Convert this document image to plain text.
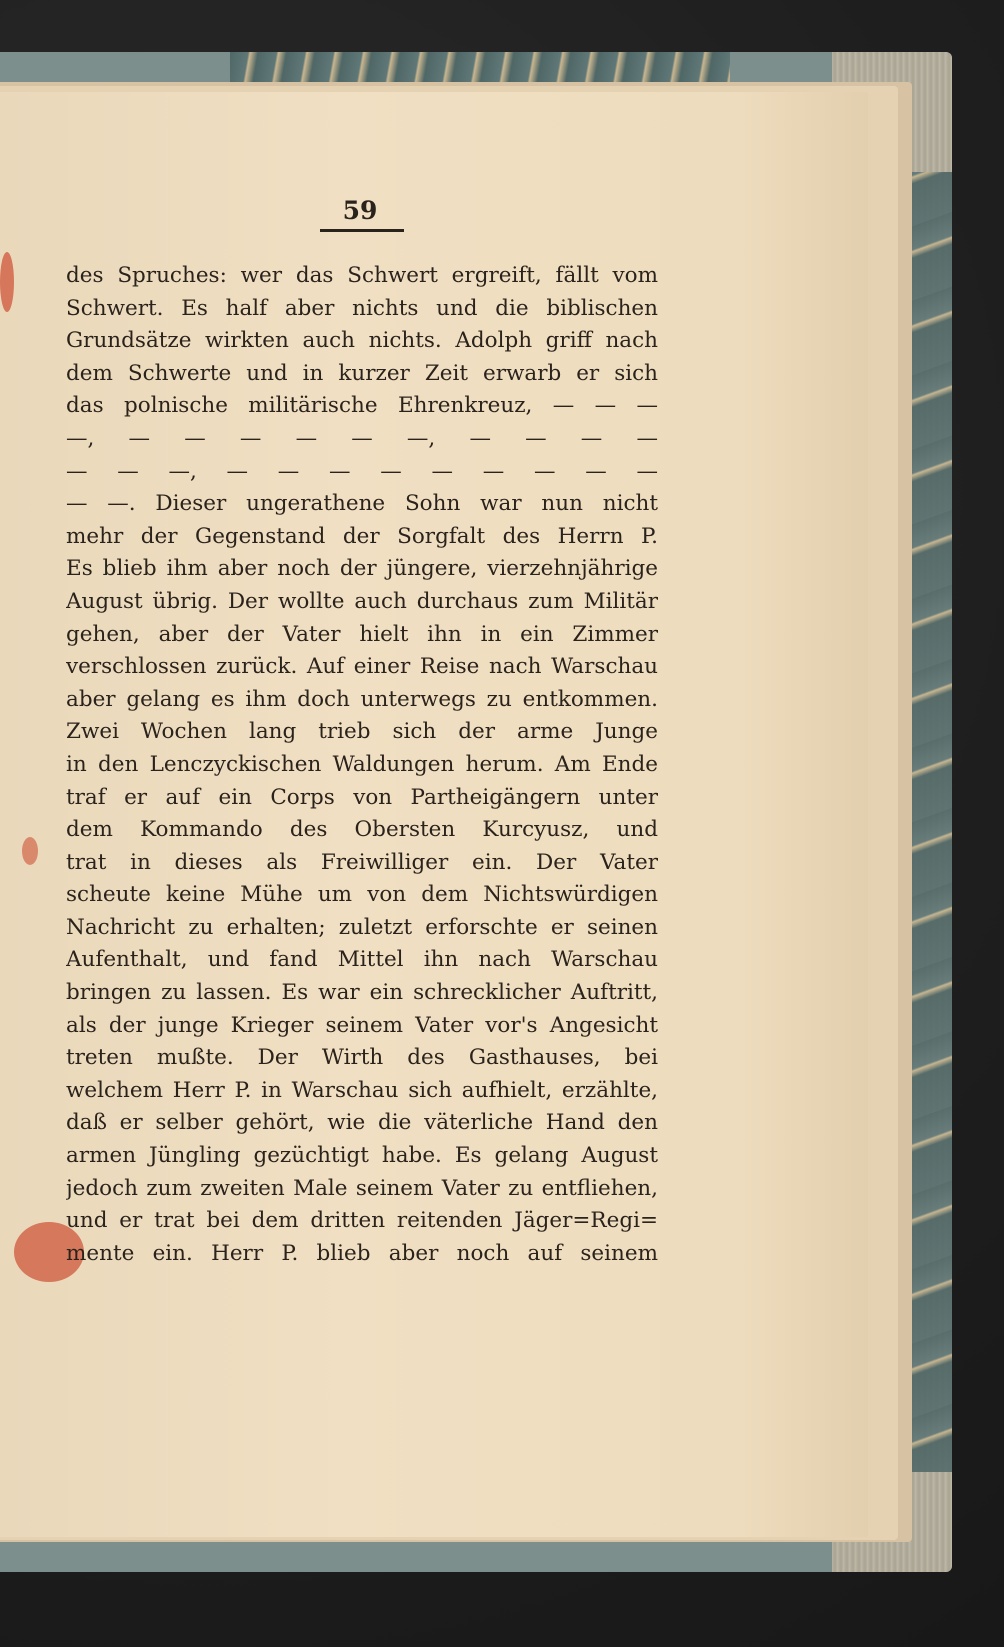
59
des Spruches: wer das Schwert ergreift, fällt vom
Schwert. Es half aber nichts und die biblischen
Grundsätze wirkten auch nichts. Adolph griff nach
dem Schwerte und in kurzer Zeit erwarb er sich
das polnische militärische Ehrenkreuz, — — —
—, — — — — — —, — — — —
— — —, — — — — — — — — —
— —. Dieser ungerathene Sohn war nun nicht
mehr der Gegenstand der Sorgfalt des Herrn P.
Es blieb ihm aber noch der jüngere, vierzehnjährige
August übrig. Der wollte auch durchaus zum Militär
gehen, aber der Vater hielt ihn in ein Zimmer
verschlossen zurück. Auf einer Reise nach Warschau
aber gelang es ihm doch unterwegs zu entkommen.
Zwei Wochen lang trieb sich der arme Junge
in den Lenczyckischen Waldungen herum. Am Ende
traf er auf ein Corps von Partheigängern unter
dem Kommando des Obersten Kurcyusz, und
trat in dieses als Freiwilliger ein. Der Vater
scheute keine Mühe um von dem Nichtswürdigen
Nachricht zu erhalten; zuletzt erforschte er seinen
Aufenthalt, und fand Mittel ihn nach Warschau
bringen zu lassen. Es war ein schrecklicher Auftritt,
als der junge Krieger seinem Vater vor's Angesicht
treten mußte. Der Wirth des Gasthauses, bei
welchem Herr P. in Warschau sich aufhielt, erzählte,
daß er selber gehört, wie die väterliche Hand den
armen Jüngling gezüchtigt habe. Es gelang August
jedoch zum zweiten Male seinem Vater zu entfliehen,
und er trat bei dem dritten reitenden Jäger=Regi=
mente ein. Herr P. blieb aber noch auf seinem
